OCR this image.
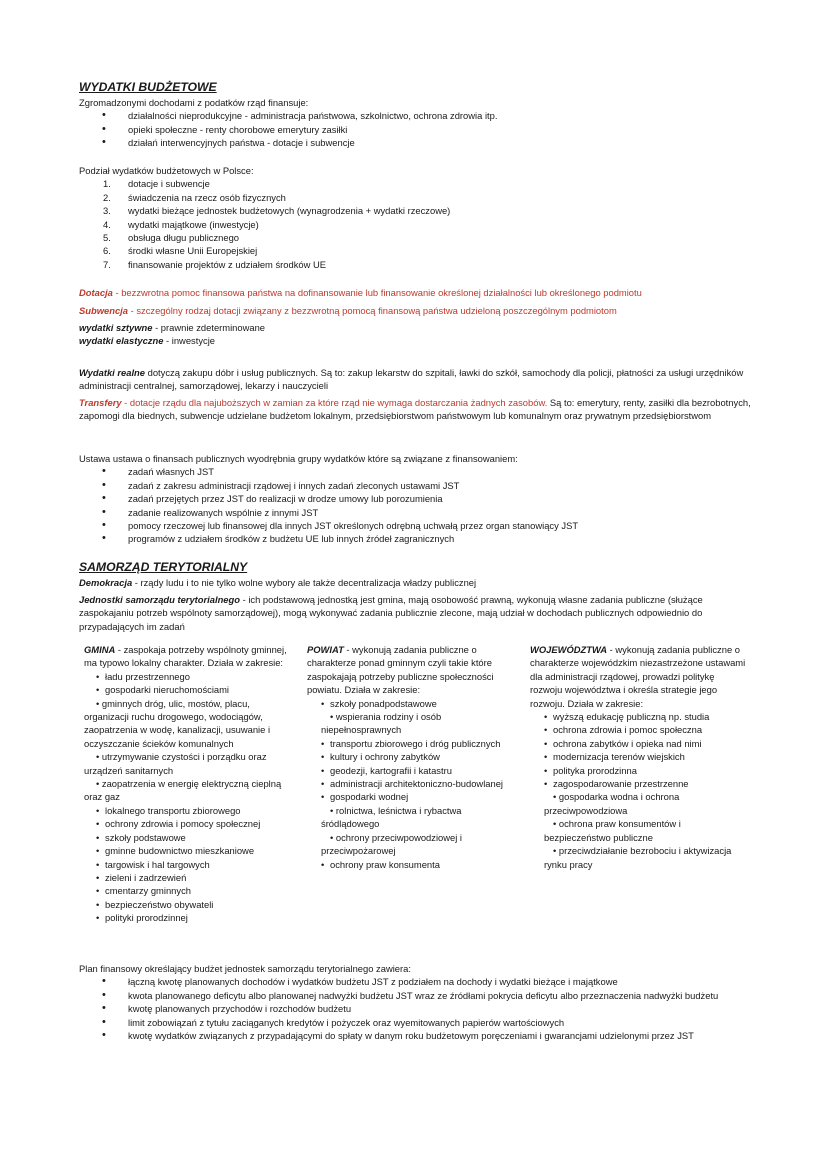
WYDATKI BUDŻETOWE

Zgromadzonymi dochodami z podatków rząd finansuje:

• działalności nieprodukcyjne - administracja państwowa, szkolnictwo, ochrona zdrowia itp.
• opieki społeczne - renty chorobowe emerytury zasiłki
• działań interwencyjnych państwa - dotacje i subwencje

Podział wydatków budżetowych w Polsce:

1. dotacje i subwencje
2. świadczenia na rzecz osób fizycznych
3. wydatki bieżące jednostek budżetowych (wynagrodzenia + wydatki rzeczowe)
4. wydatki majątkowe (inwestycje)
5. obsługa długu publicznego
6. środki własne Unii Europejskiej
7. finansowanie projektów z udziałem środków UE
Dotacja - bezzwrotna pomoc finansowa państwa na dofinansowanie lub finansowanie określonej działalności lub określonego podmiotu
Subwencja - szczególny rodzaj dotacji związany z bezzwrotną pomocą finansową państwa udzieloną poszczególnym podmiotom
wydatki sztywne - prawnie zdeterminowane
wydatki elastyczne - inwestycje
Wydatki realne dotyczą zakupu dóbr i usług publicznych. Są to: zakup lekarstw do szpitali, ławki do szkół, samochody dla policji, płatności za usługi urzędników administracji centralnej, samorządowej, lekarzy i nauczycieli
Transfery - dotacje rządu dla najuboższych w zamian za które rząd nie wymaga dostarczania żadnych zasobów. Są to: emerytury, renty, zasiłki dla bezrobotnych, zapomogi dla biednych, subwencje udzielane budżetom lokalnym, przedsiębiorstwom państwowym lub komunalnym oraz prywatnym przedsiębiorstwom

Ustawa ustawa o finansach publicznych wyodrębnia grupy wydatków które są związane z finansowaniem:

• zadań własnych JST
• zadań z zakresu administracji rządowej i innych zadań zleconych ustawami JST
• zadań przejętych przez JST do realizacji w drodze umowy lub porozumienia
• zadanie realizowanych wspólnie z innymi JST
• pomocy rzeczowej lub finansowej dla innych JST określonych odrębną uchwałą przez organ stanowiący JST
• programów z udziałem środków z budżetu UE lub innych źródeł zagranicznych
SAMORZĄD TERYTORIALNY
Demokracja - rządy ludu i to nie tylko wolne wybory ale także decentralizacja władzy publicznej
Jednostki samorządu terytorialnego - ich podstawową jednostką jest gmina, mają osobowość prawną, wykonują własne zadania publiczne (służące zaspokajaniu potrzeb wspólnoty samorządowej), mogą wykonywać zadania publicznie zlecone, mają udział w dochodach publicznych odpowiednio do przypadających im zadań

GMINA - zaspokaja potrzeby wspólnoty gminnej, ma typowo lokalny charakter. Działa w zakresie:

• ładu przestrzennego
• gospodarki nieruchomościami
• gminnych dróg, ulic, mostów, placu, organizacji ruchu drogowego, wodociągów, zaopatrzenia w wodę, kanalizacji, usuwanie i oczyszczanie ścieków komunalnych
• utrzymywanie czystości i porządku oraz urządzeń sanitarnych
• zaopatrzenia w energię elektryczną cieplną oraz gaz
• lokalnego transportu zbiorowego
• ochrony zdrowia i pomocy społecznej
• szkoły podstawowe
• gminne budownictwo mieszkaniowe
• targowisk i hal targowych
• zieleni i zadrzewień
• cmentarzy gminnych
• bezpieczeństwo obywateli
• polityki prorodzinnej

POWIAT - wykonują zadania publiczne o charakterze ponad gminnym czyli takie które zaspokajają potrzeby publiczne społeczności powiatu. Działa w zakresie:

• szkoły ponadpodstawowe
• wspierania rodziny i osób niepełnosprawnych
• transportu zbiorowego i dróg publicznych
• kultury i ochrony zabytków
• geodezji, kartografii i katastru
• administracji architektoniczno-budowlanej
• gospodarki wodnej
• rolnictwa, leśnictwa i rybactwa śródlądowego
• ochrony przeciwpowodziowej i przeciwpożarowej
• ochrony praw konsumenta

WOJEWÓDZTWA - wykonują zadania publiczne o charakterze wojewódzkim niezastrzeżone ustawami dla administracji rządowej, prowadzi politykę rozwoju województwa i określa strategie jego rozwoju. Działa w zakresie:

• wyższą edukację publiczną np. studia
• ochrona zdrowia i pomoc społeczna
• ochrona zabytków i opieka nad nimi
• modernizacja terenów wiejskich
• polityka prorodzinna
• zagospodarowanie przestrzenne
• gospodarka wodna i ochrona przeciwpowodziowa
• ochrona praw konsumentów i bezpieczeństwo publiczne
• przeciwdziałanie bezrobociu i aktywizacja rynku pracy

Plan finansowy określający budżet jednostek samorządu terytorialnego zawiera:

• łączną kwotę planowanych dochodów i wydatków budżetu JST z podziałem na dochody i wydatki bieżące i majątkowe
• kwota planowanego deficytu albo planowanej nadwyżki budżetu JST wraz ze źródłami pokrycia deficytu albo przeznaczenia nadwyżki budżetu
• kwotę planowanych przychodów i rozchodów budżetu
• limit zobowiązań z tytułu zaciąganych kredytów i pożyczek oraz wyemitowanych papierów wartościowych
• kwotę wydatków związanych z przypadającymi do spłaty w danym roku budżetowym poręczeniami i gwarancjami udzielonymi przez JST
